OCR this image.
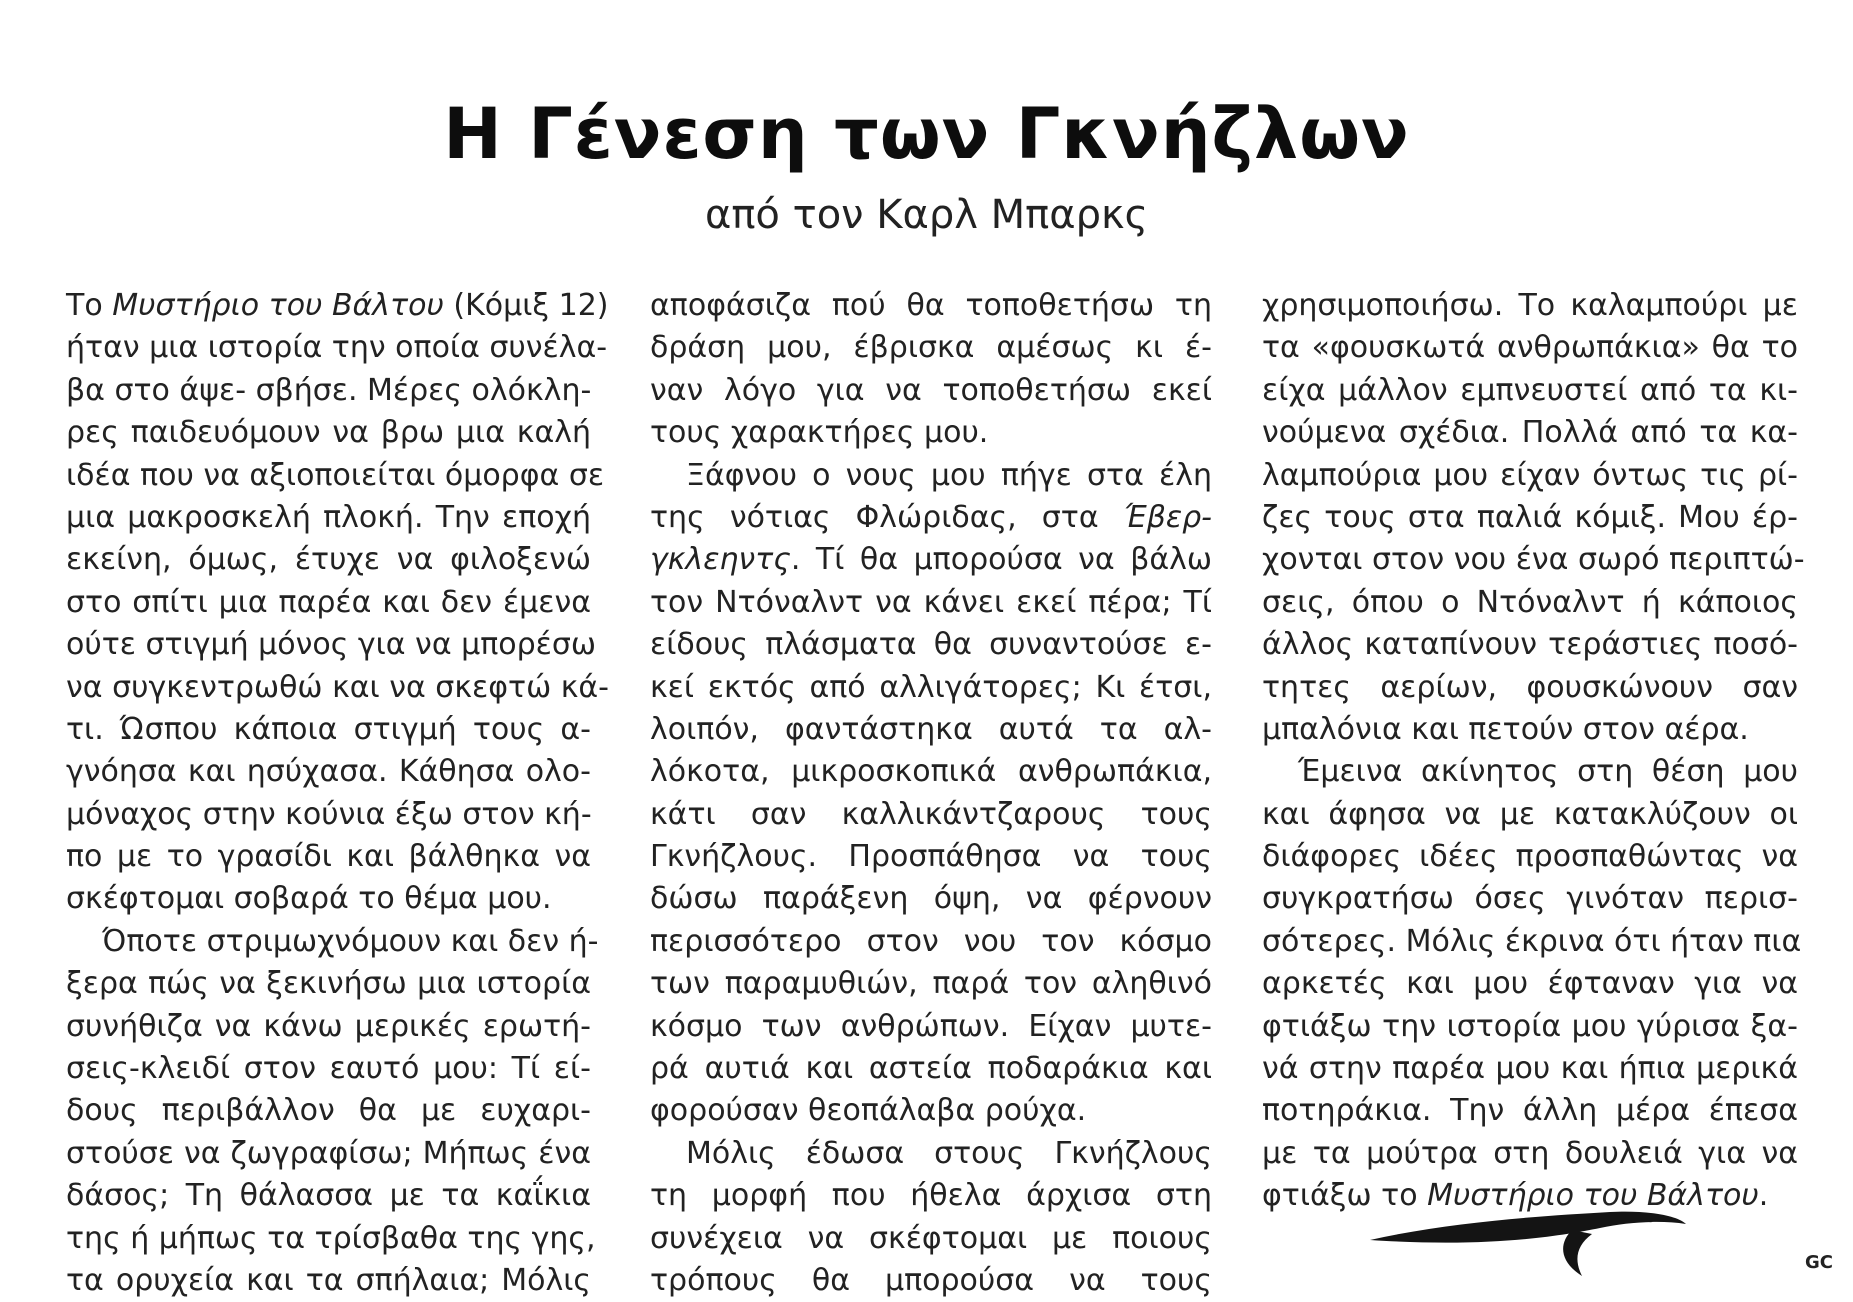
Η Γένεση των Γκνήζλων
από τον Καρλ Μπαρκς
Το Μυστήριο του Βάλτου (Κόμιξ 12)
ήταν μια ιστορία την οποία συνέλα-
βα στο άψε- σβήσε. Μέρες ολόκλη-
ρες παιδευόμουν να βρω μια καλή
ιδέα που να αξιοποιείται όμορφα σε
μια μακροσκελή πλοκή. Την εποχή
εκείνη, όμως, έτυχε να φιλοξενώ
στο σπίτι μια παρέα και δεν έμενα
ούτε στιγμή μόνος για να μπορέσω
να συγκεντρωθώ και να σκεφτώ κά-
τι. Ώσπου κάποια στιγμή τους α-
γνόησα και ησύχασα. Κάθησα ολο-
μόναχος στην κούνια έξω στον κή-
πο με το γρασίδι και βάλθηκα να
σκέφτομαι σοβαρά το θέμα μου.
Όποτε στριμωχνόμουν και δεν ή-
ξερα πώς να ξεκινήσω μια ιστορία
συνήθιζα να κάνω μερικές ερωτή-
σεις-κλειδί στον εαυτό μου: Τί εί-
δους περιβάλλον θα με ευχαρι-
στούσε να ζωγραφίσω; Μήπως ένα
δάσος; Τη θάλασσα με τα καΐκια
της ή μήπως τα τρίσβαθα της γης,
τα ορυχεία και τα σπήλαια; Μόλις
αποφάσιζα πού θα τοποθετήσω τη
δράση μου, έβρισκα αμέσως κι έ-
ναν λόγο για να τοποθετήσω εκεί
τους χαρακτήρες μου.
Ξάφνου ο νους μου πήγε στα έλη
της νότιας Φλώριδας, στα Έβερ-
γκλεηντς. Τί θα μπορούσα να βάλω
τον Ντόναλντ να κάνει εκεί πέρα; Τί
είδους πλάσματα θα συναντούσε ε-
κεί εκτός από αλλιγάτορες; Κι έτσι,
λοιπόν, φαντάστηκα αυτά τα αλ-
λόκοτα, μικροσκοπικά ανθρωπάκια,
κάτι σαν καλλικάντζαρους τους
Γκνήζλους. Προσπάθησα να τους
δώσω παράξενη όψη, να φέρνουν
περισσότερο στον νου τον κόσμο
των παραμυθιών, παρά τον αληθινό
κόσμο των ανθρώπων. Είχαν μυτε-
ρά αυτιά και αστεία ποδαράκια και
φορούσαν θεοπάλαβα ρούχα.
Μόλις έδωσα στους Γκνήζλους
τη μορφή που ήθελα άρχισα στη
συνέχεια να σκέφτομαι με ποιους
τρόπους θα μπορούσα να τους
χρησιμοποιήσω. Το καλαμπούρι με
τα «φουσκωτά ανθρωπάκια» θα το
είχα μάλλον εμπνευστεί από τα κι-
νούμενα σχέδια. Πολλά από τα κα-
λαμπούρια μου είχαν όντως τις ρί-
ζες τους στα παλιά κόμιξ. Μου έρ-
χονται στον νου ένα σωρό περιπτώ-
σεις, όπου ο Ντόναλντ ή κάποιος
άλλος καταπίνουν τεράστιες ποσό-
τητες αερίων, φουσκώνουν σαν
μπαλόνια και πετούν στον αέρα.
Έμεινα ακίνητος στη θέση μου
και άφησα να με κατακλύζουν οι
διάφορες ιδέες προσπαθώντας να
συγκρατήσω όσες γινόταν περισ-
σότερες. Μόλις έκρινα ότι ήταν πια
αρκετές και μου έφταναν για να
φτιάξω την ιστορία μου γύρισα ξα-
νά στην παρέα μου και ήπια μερικά
ποτηράκια. Την άλλη μέρα έπεσα
με τα μούτρα στη δουλειά για να
φτιάξω το Μυστήριο του Βάλτου.
GC
